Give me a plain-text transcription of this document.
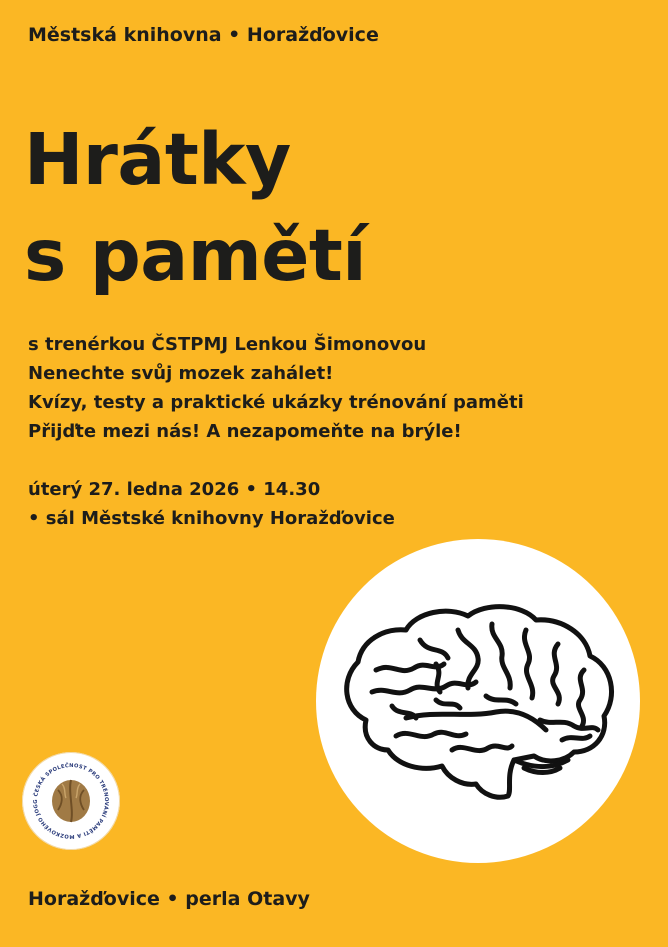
Městská knihovna • Horažďovice
Hrátky
s pamětí
s trenérkou ČSTPMJ Lenkou Šimonovou
Nenechte svůj mozek zahálet!
Kvízy, testy a praktické ukázky trénování paměti
Přijďte mezi nás! A nezapomeňte na brýle!
úterý 27. ledna 2026 • 14.30
• sál Městské knihovny Horažďovice
ČESKÁ SPOLEČNOST PRO TRÉNOVÁNÍ PAMĚTI A MOZKOVÉHO JOGG
Horažďovice • perla Otavy
